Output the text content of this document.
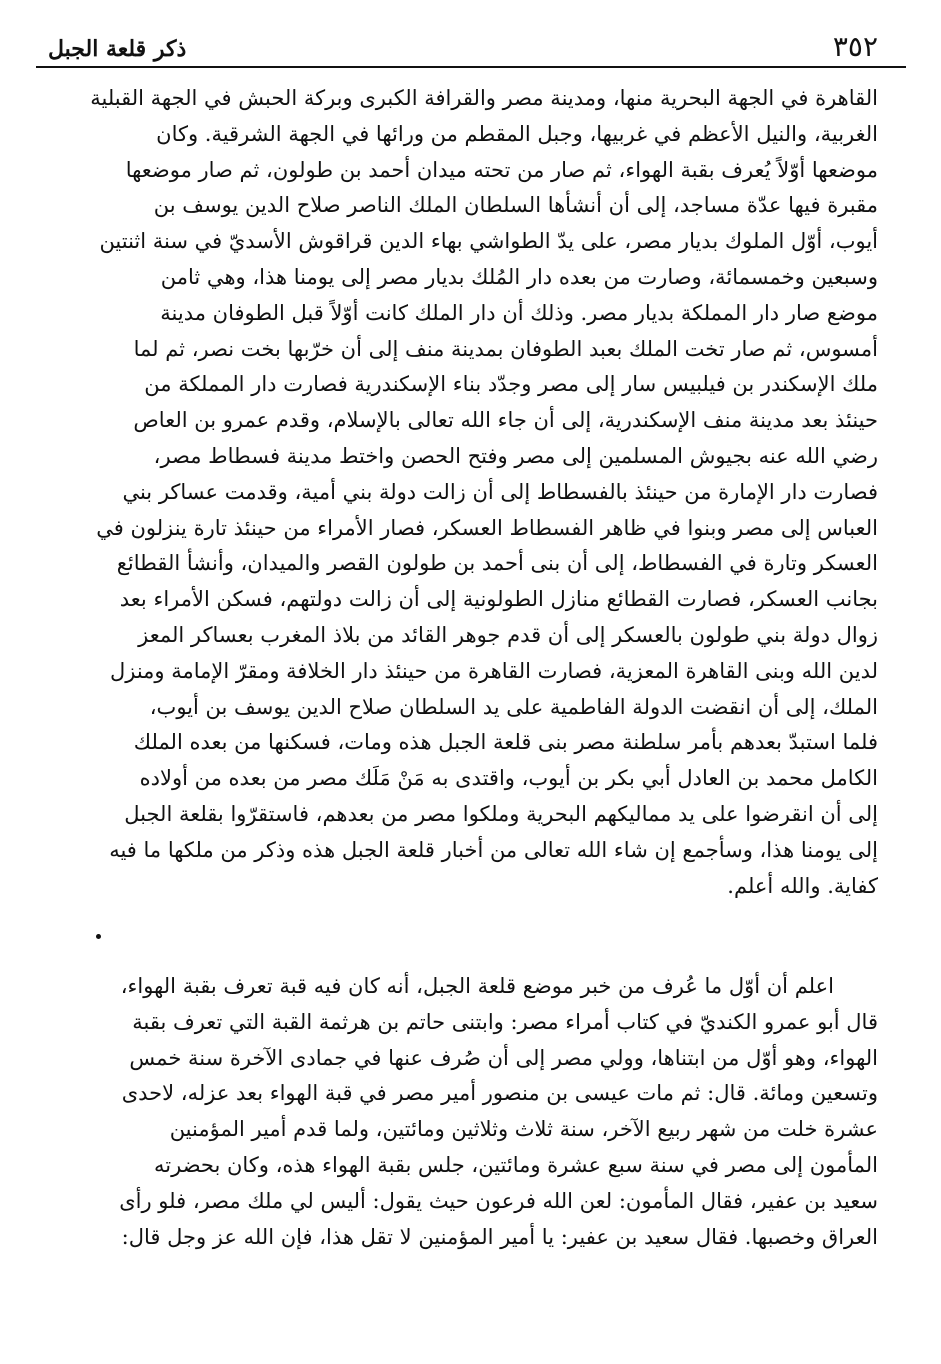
٣٥٢
ذكر قلعة الجبل
القاهرة في الجهة البحرية منها، ومدينة مصر والقرافة الكبرى وبركة الحبش في الجهة القبلية
الغربية، والنيل الأعظم في غربيها، وجبل المقطم من ورائها في الجهة الشرقية. وكان
موضعها أوّلاً يُعرف بقبة الهواء، ثم صار من تحته ميدان أحمد بن طولون، ثم صار موضعها
مقبرة فيها عدّة مساجد، إلى أن أنشأها السلطان الملك الناصر صلاح الدين يوسف بن
أيوب، أوّل الملوك بديار مصر، على يدّ الطواشي بهاء الدين قراقوش الأسديّ في سنة اثنتين
وسبعين وخمسمائة، وصارت من بعده دار المُلك بديار مصر إلى يومنا هذا، وهي ثامن
موضع صار دار المملكة بديار مصر. وذلك أن دار الملك كانت أوّلاً قبل الطوفان مدينة
أمسوس، ثم صار تخت الملك بعبد الطوفان بمدينة منف إلى أن خرّبها بخت نصر، ثم لما
ملك الإسكندر بن فيلبيس سار إلى مصر وجدّد بناء الإسكندرية فصارت دار المملكة من
حينئذ بعد مدينة منف الإسكندرية، إلى أن جاء الله تعالى بالإسلام، وقدم عمرو بن العاص
رضي الله عنه بجيوش المسلمين إلى مصر وفتح الحصن واختط مدينة فسطاط مصر،
فصارت دار الإمارة من حينئذ بالفسطاط إلى أن زالت دولة بني أمية، وقدمت عساكر بني
العباس إلى مصر وبنوا في ظاهر الفسطاط العسكر، فصار الأمراء من حينئذ تارة ينزلون في
العسكر وتارة في الفسطاط، إلى أن بنى أحمد بن طولون القصر والميدان، وأنشأ القطائع
بجانب العسكر، فصارت القطائع منازل الطولونية إلى أن زالت دولتهم، فسكن الأمراء بعد
زوال دولة بني طولون بالعسكر إلى أن قدم جوهر القائد من بلاذ المغرب بعساكر المعز
لدين الله وبنى القاهرة المعزية، فصارت القاهرة من حينئذ دار الخلافة ومقرّ الإمامة ومنزل
الملك، إلى أن انقضت الدولة الفاطمية على يد السلطان صلاح الدين يوسف بن أيوب،
فلما استبدّ بعدهم بأمر سلطنة مصر بنى قلعة الجبل هذه ومات، فسكنها من بعده الملك
الكامل محمد بن العادل أبي بكر بن أيوب، واقتدى به مَنْ مَلَك مصر من بعده من أولاده
إلى أن انقرضوا على يد مماليكهم البحرية وملكوا مصر من بعدهم، فاستقرّوا بقلعة الجبل
إلى يومنا هذا، وسأجمع إن شاء الله تعالى من أخبار قلعة الجبل هذه وذكر من ملكها ما فيه
كفاية. والله أعلم.
اعلم أن أوّل ما عُرف من خبر موضع قلعة الجبل، أنه كان فيه قبة تعرف بقبة الهواء،
قال أبو عمرو الكنديّ في كتاب أمراء مصر: وابتنى حاتم بن هرثمة القبة التي تعرف بقبة
الهواء، وهو أوّل من ابتناها، وولي مصر إلى أن صُرف عنها في جمادى الآخرة سنة خمس
وتسعين ومائة. قال: ثم مات عيسى بن منصور أمير مصر في قبة الهواء بعد عزله، لاحدى
عشرة خلت من شهر ربيع الآخر، سنة ثلاث وثلاثين ومائتين، ولما قدم أمير المؤمنين
المأمون إلى مصر في سنة سبع عشرة ومائتين، جلس بقبة الهواء هذه، وكان بحضرته
سعيد بن عفير، فقال المأمون: لعن الله فرعون حيث يقول: أليس لي ملك مصر، فلو رأى
العراق وخصبها. فقال سعيد بن عفير: يا أمير المؤمنين لا تقل هذا، فإن الله عز وجل قال:
